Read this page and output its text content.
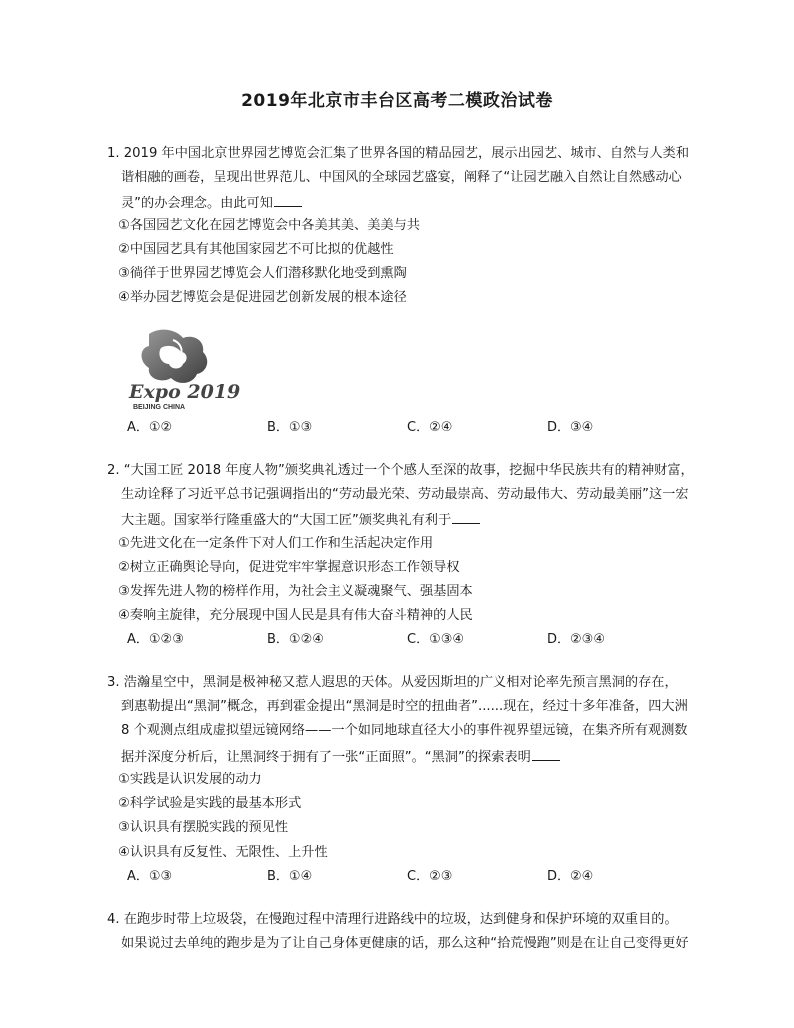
2019年北京市丰台区高考二模政治试卷
1. 2019 年中国北京世界园艺博览会汇集了世界各国的精品园艺，展示出园艺、城市、自然与人类和
谐相融的画卷，呈现出世界范儿、中国风的全球园艺盛宴，阐释了“让园艺融入自然让自然感动心
灵”的办会理念。由此可知
①各国园艺文化在园艺博览会中各美其美、美美与共
②中国园艺具有其他国家园艺不可比拟的优越性
③徜徉于世界园艺博览会人们潜移默化地受到熏陶
④举办园艺博览会是促进园艺创新发展的根本途径
Expo 2019
BEIJING CHINA
A．①②	B．①③	C．②④	D．③④
2. “大国工匠 2018 年度人物”颁奖典礼透过一个个感人至深的故事，挖掘中华民族共有的精神财富，
生动诠释了习近平总书记强调指出的“劳动最光荣、劳动最崇高、劳动最伟大、劳动最美丽”这一宏
大主题。国家举行隆重盛大的“大国工匠”颁奖典礼有利于
①先进文化在一定条件下对人们工作和生活起决定作用
②树立正确舆论导向，促进党牢牢掌握意识形态工作领导权
③发挥先进人物的榜样作用，为社会主义凝魂聚气、强基固本
④奏响主旋律，充分展现中国人民是具有伟大奋斗精神的人民
A．①②③	B．①②④	C．①③④	D．②③④
3. 浩瀚星空中，黑洞是极神秘又惹人遐思的天体。从爱因斯坦的广义相对论率先预言黑洞的存在，
到惠勒提出“黑洞”概念，再到霍金提出“黑洞是时空的扭曲者”......现在，经过十多年准备，四大洲
8 个观测点组成虚拟望远镜网络——一个如同地球直径大小的事件视界望远镜，在集齐所有观测数
据并深度分析后，让黑洞终于拥有了一张“正面照”。“黑洞”的探索表明
①实践是认识发展的动力
②科学试验是实践的最基本形式
③认识具有摆脱实践的预见性
④认识具有反复性、无限性、上升性
A．①③	B．①④	C．②③	D．②④
4. 在跑步时带上垃圾袋，在慢跑过程中清理行进路线中的垃圾，达到健身和保护环境的双重目的。
如果说过去单纯的跑步是为了让自己身体更健康的话，那么这种“拾荒慢跑”则是在让自己变得更好
